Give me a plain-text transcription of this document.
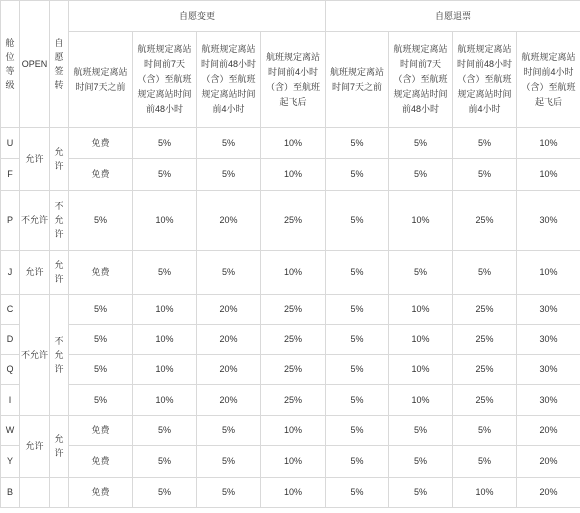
舱位等级	OPEN	自愿签转	自愿变更				自愿退票			
			航班规定离站时间7天之前	航班规定离站时间前7天（含）至航班规定离站时间前48小时	航班规定离站时间前48小时（含）至航班规定离站时间前4小时	航班规定离站时间前4小时（含）至航班起飞后	航班规定离站时间7天之前	航班规定离站时间前7天（含）至航班规定离站时间前48小时	航班规定离站时间前48小时（含）至航班规定离站时间前4小时	航班规定离站时间前4小时（含）至航班起飞后
U	允许	允许	免费	5%	5%	10%	5%	5%	5%	10%
F			免费	5%	5%	10%	5%	5%	5%	10%
P	不允许	不允许	5%	10%	20%	25%	5%	10%	25%	30%
J	允许	允许	免费	5%	5%	10%	5%	5%	5%	10%
C	不允许	不允许	5%	10%	20%	25%	5%	10%	25%	30%
D			5%	10%	20%	25%	5%	10%	25%	30%
Q			5%	10%	20%	25%	5%	10%	25%	30%
I			5%	10%	20%	25%	5%	10%	25%	30%
W	允许	允许	免费	5%	5%	10%	5%	5%	5%	20%
Y			免费	5%	5%	10%	5%	5%	5%	20%
B			免费	5%	5%	10%	5%	5%	10%	20%
